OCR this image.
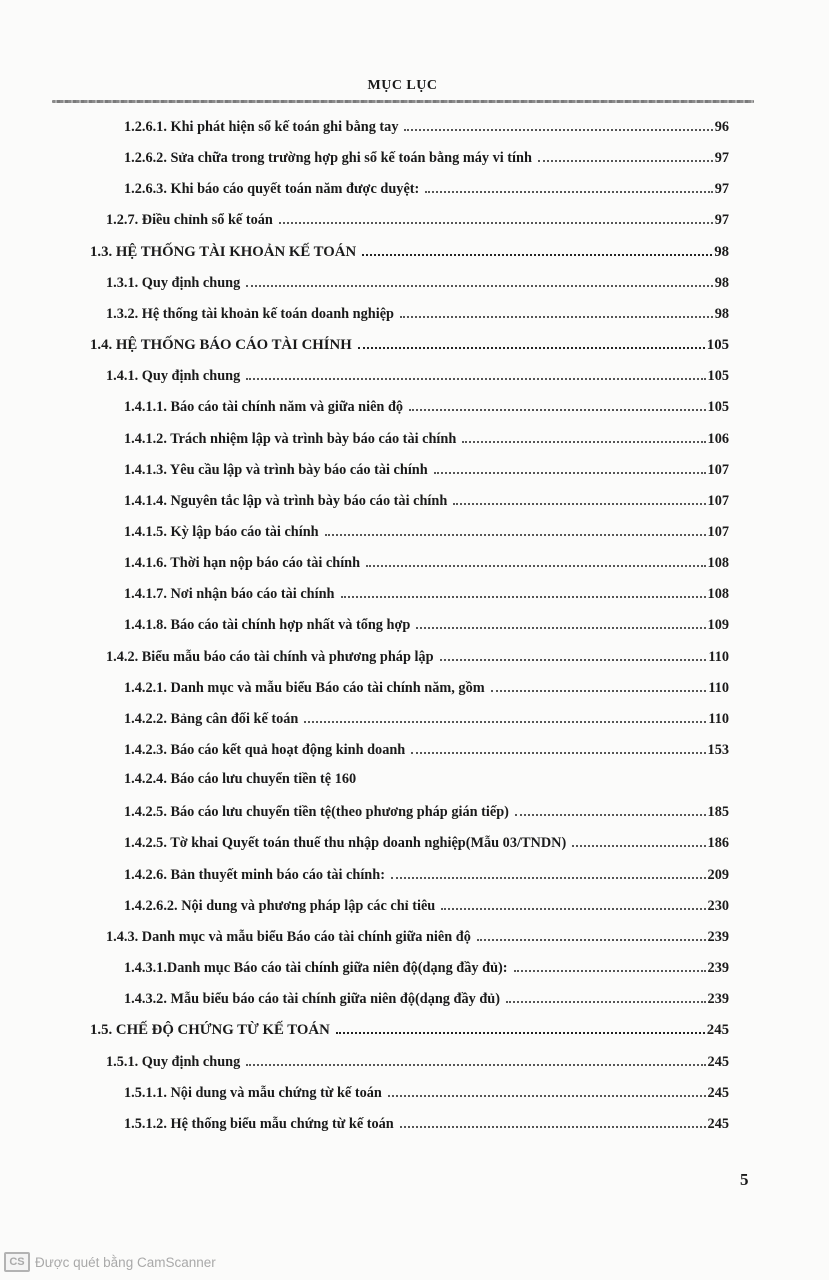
MỤC LỤC
1.2.6.1. Khi phát hiện sổ kế toán ghi bằng tay	96
1.2.6.2. Sửa chữa trong trường hợp ghi sổ kế toán bằng máy vi tính	97
1.2.6.3. Khi báo cáo quyết toán năm được duyệt:	97
1.2.7. Điều chỉnh sổ kế toán	97
1.3. HỆ THỐNG TÀI KHOẢN KẾ TOÁN	98
1.3.1. Quy định chung	98
1.3.2. Hệ thống tài khoản kế toán doanh nghiệp	98
1.4. HỆ THỐNG BÁO CÁO TÀI CHÍNH	105
1.4.1. Quy định chung	105
1.4.1.1. Báo cáo tài chính năm và giữa niên độ	105
1.4.1.2. Trách nhiệm lập và trình bày báo cáo tài chính	106
1.4.1.3. Yêu cầu lập và trình bày báo cáo tài chính	107
1.4.1.4. Nguyên tắc lập và trình bày báo cáo tài chính	107
1.4.1.5. Kỳ lập báo cáo tài chính	107
1.4.1.6. Thời hạn nộp báo cáo tài chính	108
1.4.1.7. Nơi nhận báo cáo tài chính	108
1.4.1.8. Báo cáo tài chính hợp nhất và tổng hợp	109
1.4.2. Biểu mẫu báo cáo tài chính và phương pháp lập	110
1.4.2.1. Danh mục và mẫu biểu Báo cáo tài chính năm, gồm	110
1.4.2.2. Bảng cân đối kế toán	110
1.4.2.3. Báo cáo kết quả hoạt động kinh doanh	153
1.4.2.4. Báo cáo lưu chuyển tiền tệ 160
1.4.2.5. Báo cáo lưu chuyển tiền tệ(theo phương pháp gián tiếp)	185
1.4.2.5. Tờ khai Quyết toán thuế thu nhập doanh nghiệp(Mẫu 03/TNDN)	186
1.4.2.6. Bản thuyết minh báo cáo tài chính:	209
1.4.2.6.2. Nội dung và phương pháp lập các chỉ tiêu	230
1.4.3. Danh mục và mẫu biểu Báo cáo tài chính giữa niên độ	239
1.4.3.1.Danh mục Báo cáo tài chính giữa niên độ(dạng đầy đủ):	239
1.4.3.2. Mẫu biểu báo cáo tài chính giữa niên độ(dạng đầy đủ)	239
1.5. CHẾ ĐỘ CHỨNG TỪ KẾ TOÁN	245
1.5.1. Quy định chung	245
1.5.1.1. Nội dung và mẫu chứng từ kế toán	245
1.5.1.2. Hệ thống biểu mẫu chứng từ kế toán	245
5
CS Được quét bằng CamScanner
